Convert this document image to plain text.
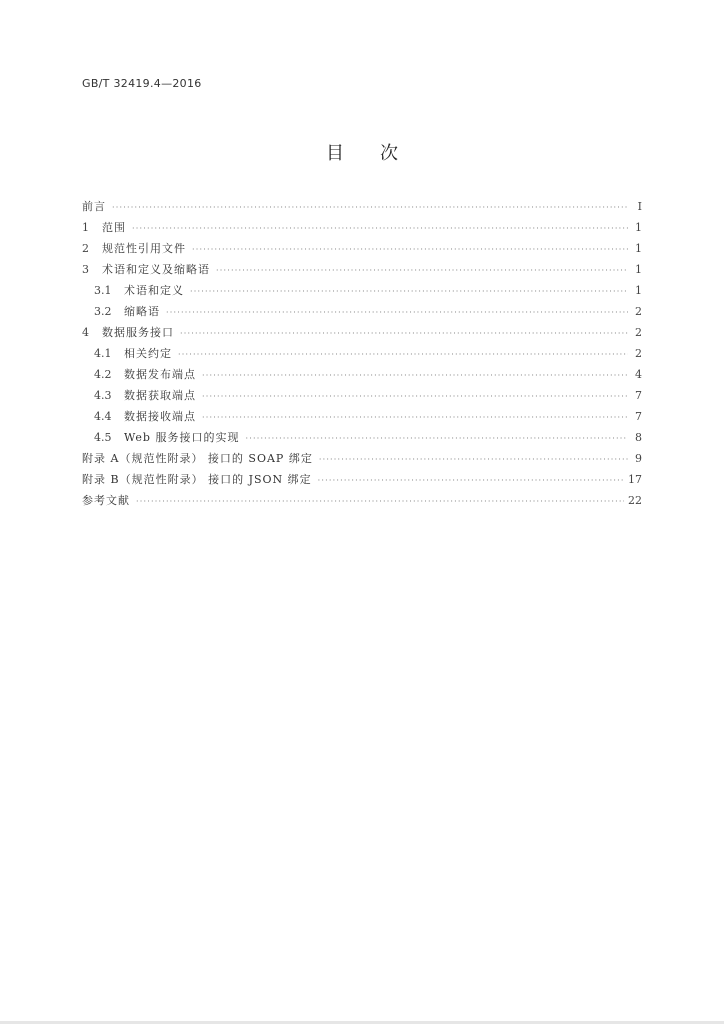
GB/T 32419.4—2016
目 次
前言 ·····	Ⅰ
1	范围 ·····	1
2	规范性引用文件 ·····	1
3	术语和定义及缩略语 ·····	1
3.1	术语和定义 ·····	1
3.2	缩略语 ·····	2
4	数据服务接口 ·····	2
4.1	相关约定 ·····	2
4.2	数据发布端点 ·····	4
4.3	数据获取端点 ·····	7
4.4	数据接收端点 ·····	7
4.5	Web 服务接口的实现 ·····	8
附录 A（规范性附录） 接口的 SOAP 绑定 ·····	9
附录 B（规范性附录） 接口的 JSON 绑定 ·····	17
参考文献 ·····	22
